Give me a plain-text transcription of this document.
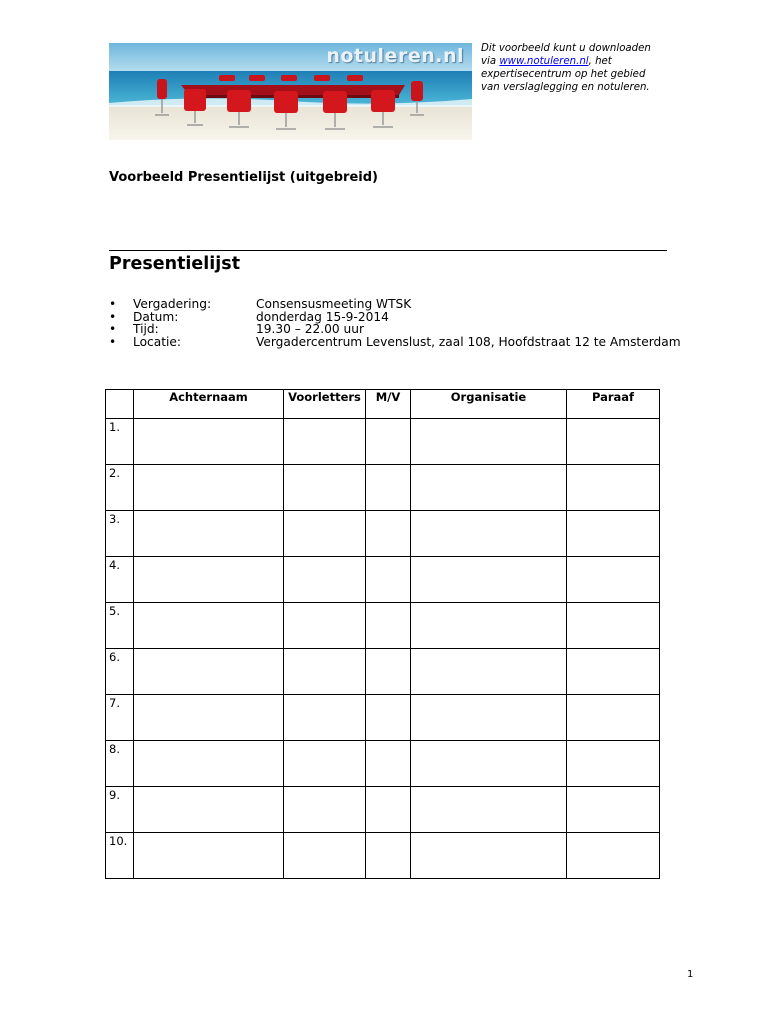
notuleren.nl Dit voorbeeld kunt u downloaden via www.notuleren.nl, het expertisecentrum op het gebied van verslaglegging en notuleren.
Voorbeeld Presentielijst (uitgebreid)
Presentielijst
• Vergadering:	Consensusmeeting WTSK
• Datum:	donderdag 15-9-2014
• Tijd:	19.30 – 22.00 uur
• Locatie:	Vergadercentrum Levenslust, zaal 108, Hoofdstraat 12 te Amsterdam
	Achternaam	Voorletters	M/V	Organisatie	Paraaf
1.					
2.					
3.					
4.					
5.					
6.					
7.					
8.					
9.					
10.					
1
